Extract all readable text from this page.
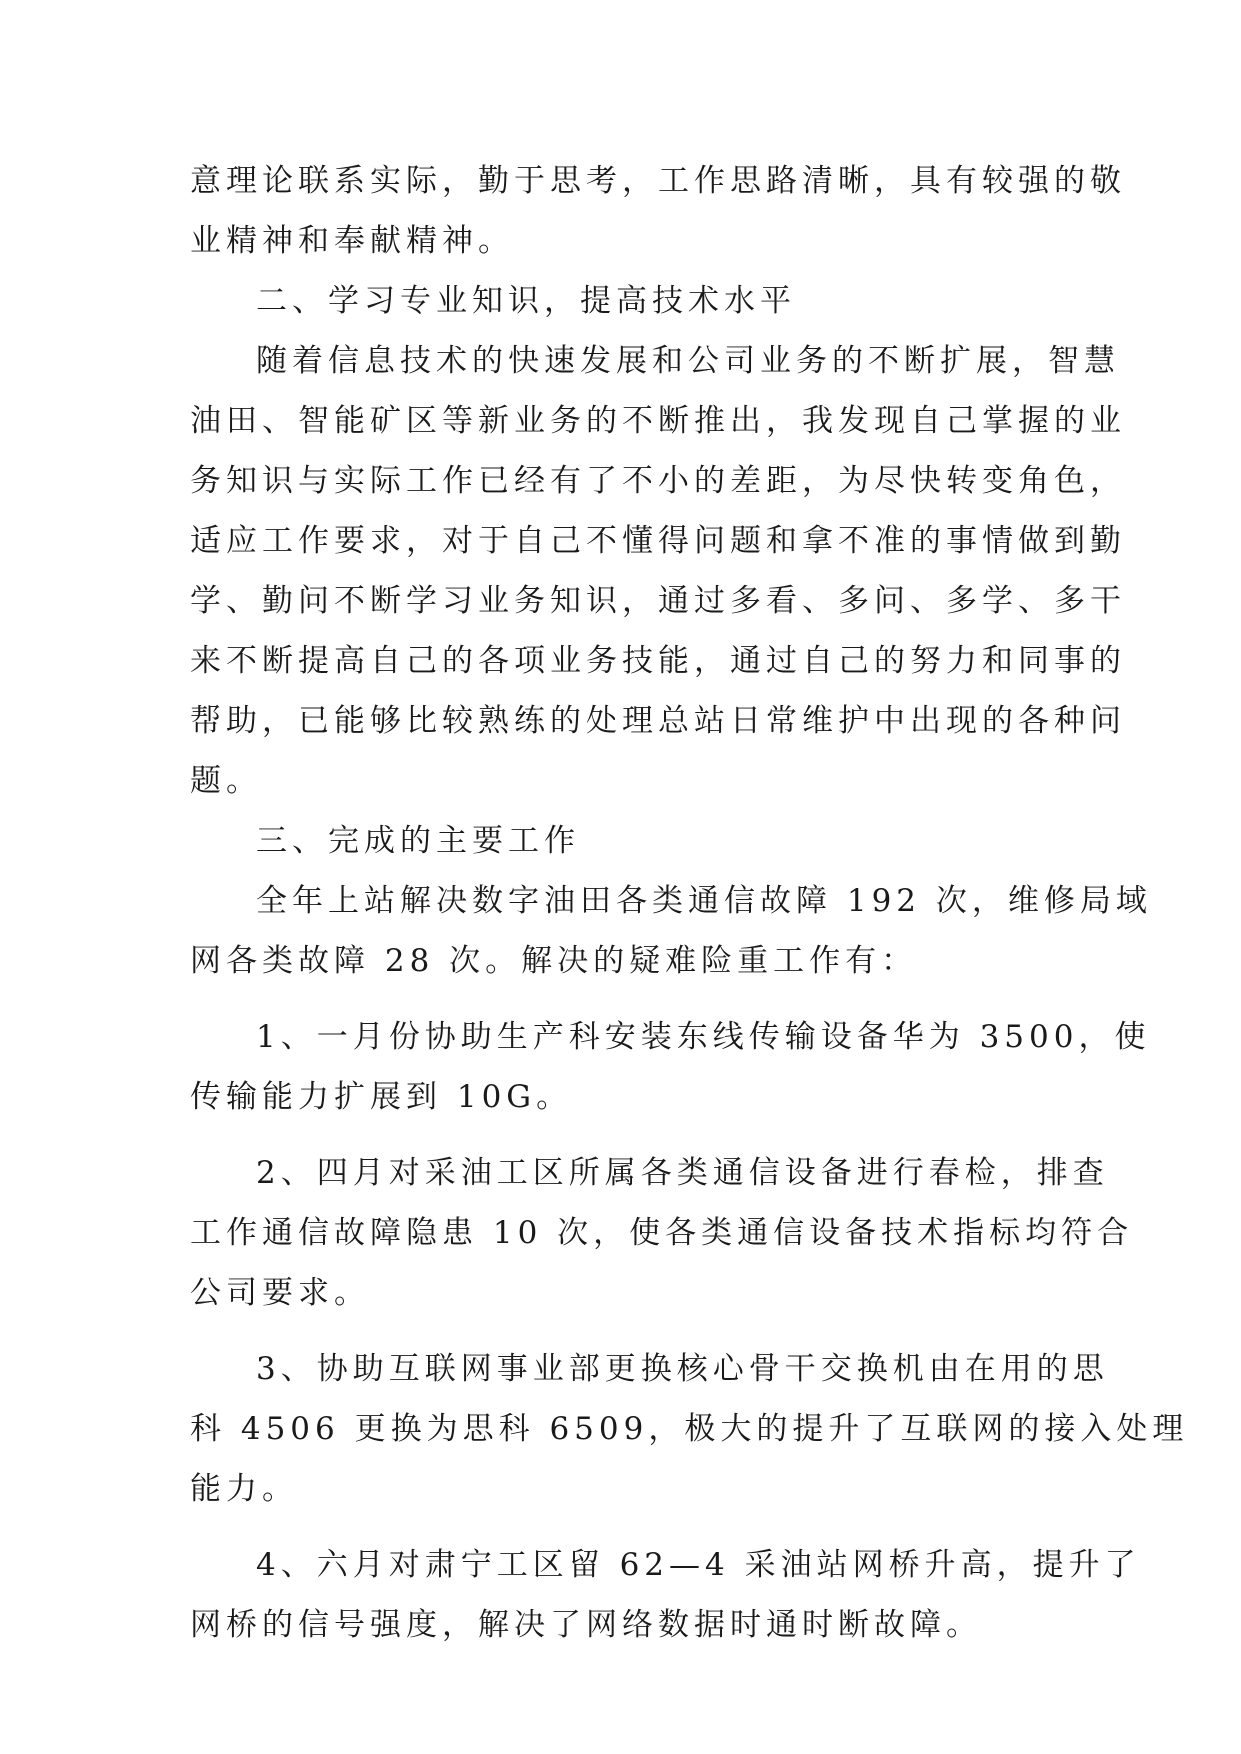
意理论联系实际，勤于思考，工作思路清晰，具有较强的敬
业精神和奉献精神。
二、学习专业知识，提高技术水平
随着信息技术的快速发展和公司业务的不断扩展，智慧
油田、智能矿区等新业务的不断推出，我发现自己掌握的业
务知识与实际工作已经有了不小的差距，为尽快转变角色，
适应工作要求，对于自己不懂得问题和拿不准的事情做到勤
学、勤问不断学习业务知识，通过多看、多问、多学、多干
来不断提高自己的各项业务技能，通过自己的努力和同事的
帮助，已能够比较熟练的处理总站日常维护中出现的各种问
题。
三、完成的主要工作
全年上站解决数字油田各类通信故障 192 次，维修局域
网各类故障 28 次。解决的疑难险重工作有：
1、一月份协助生产科安装东线传输设备华为 3500，使
传输能力扩展到 10G。
2、四月对采油工区所属各类通信设备进行春检，排查
工作通信故障隐患 10 次，使各类通信设备技术指标均符合
公司要求。
3、协助互联网事业部更换核心骨干交换机由在用的思
科 4506 更换为思科 6509，极大的提升了互联网的接入处理
能力。
4、六月对肃宁工区留 62—4 采油站网桥升高，提升了
网桥的信号强度，解决了网络数据时通时断故障。
